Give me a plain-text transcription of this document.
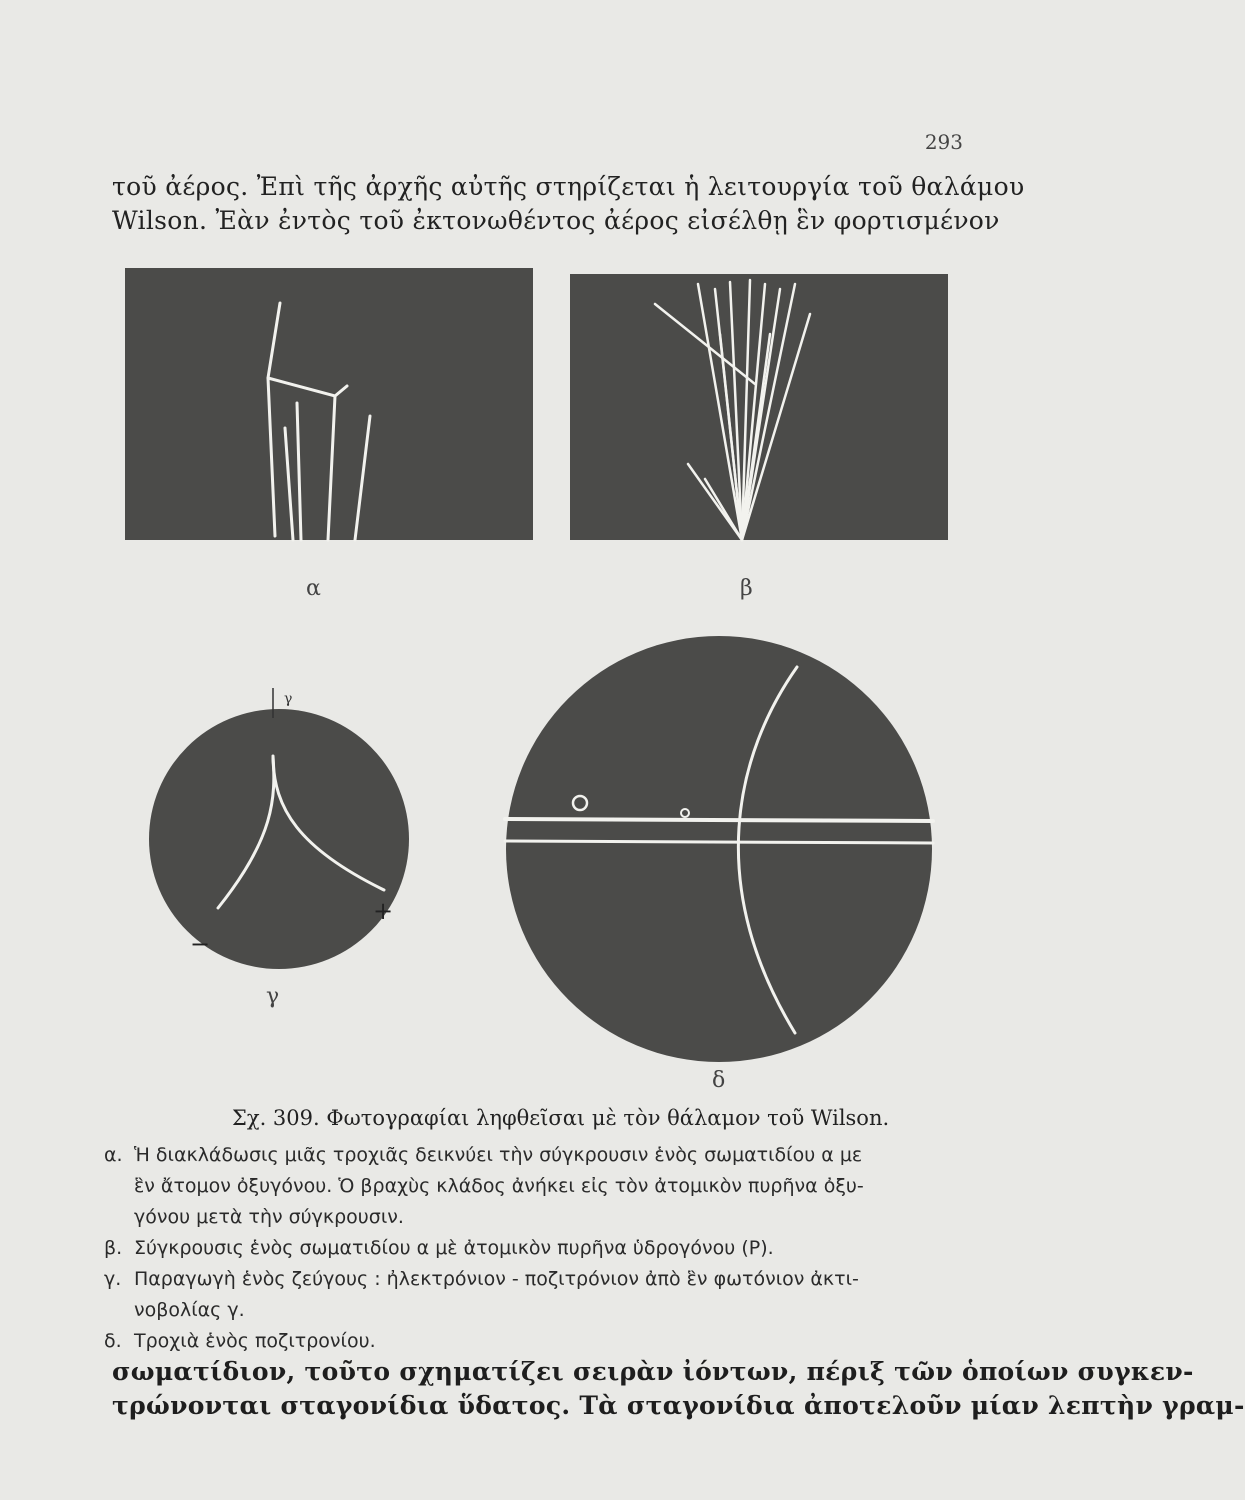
293
τοῦ ἀέρος. Ἐπὶ τῆς ἀρχῆς αὐτῆς στηρίζεται ἡ λειτουργία τοῦ θαλάμου
Wilson. Ἐὰν ἐντὸς τοῦ ἐκτονωθέντος ἀέρος εἰσέλθῃ ἓν φορτισμένον
α	β
γ
+
−
γ
δ
Σχ. 309. Φωτογραφίαι ληφθεῖσαι μὲ τὸν θάλαμον τοῦ Wilson.
α. Ἡ διακλάδωσις μιᾶς τροχιᾶς δεικνύει τὴν σύγκρουσιν ἑνὸς σωματιδίου α με
ἓν ἄτομον ὀξυγόνου. Ὁ βραχὺς κλάδος ἀνήκει εἰς τὸν ἀτομικὸν πυρῆνα ὀξυ-
γόνου μετὰ τὴν σύγκρουσιν.
β. Σύγκρουσις ἑνὸς σωματιδίου α μὲ ἀτομικὸν πυρῆνα ὑδρογόνου (Ρ).
γ. Παραγωγὴ ἑνὸς ζεύγους : ἠλεκτρόνιον - ποζιτρόνιον ἀπὸ ἓν φωτόνιον ἀκτι-
νοβολίας γ.
δ. Τροχιὰ ἑνὸς ποζιτρονίου.
σωματίδιον, τοῦτο σχηματίζει σειρὰν ἰόντων, πέριξ τῶν ὁποίων συγκεν-
τρώνονται σταγονίδια ὕδατος. Τὰ σταγονίδια ἀποτελοῦν μίαν λεπτὴν γραμ-
